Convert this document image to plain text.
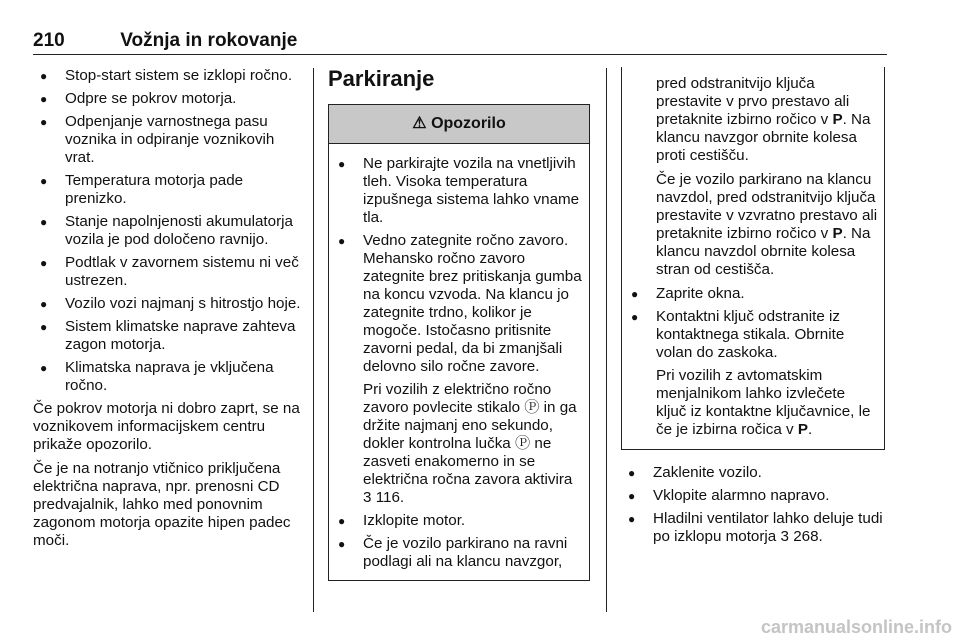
210	Vožnja in rokovanje
● Stop-start sistem se izklopi ročno.
● Odpre se pokrov motorja.
● Odpenjanje varnostnega pasu voznika in odpiranje voznikovih vrat.
● Temperatura motorja pade prenizko.
● Stanje napolnjenosti akumulatorja vozila je pod določeno ravnijo.
● Podtlak v zavornem sistemu ni več ustrezen.
● Vozilo vozi najmanj s hitrostjo hoje.
● Sistem klimatske naprave zahteva zagon motorja.
● Klimatska naprava je vključena ročno.

Če pokrov motorja ni dobro zaprt, se na voznikovem informacijskem centru prikaže opozorilo.

Če je na notranjo vtičnico priključena električna naprava, npr. prenosni CD predvajalnik, lahko med ponovnim zagonom motorja opazite hipen padec moči.

Parkiranje
⚠ Opozorilo
● Ne parkirajte vozila na vnetljivih tleh. Visoka temperatura izpušnega sistema lahko vname tla.
● Vedno zategnite ročno zavoro. Mehansko ročno zavoro zategnite brez pritiskanja gumba na koncu vzvoda. Na klancu jo zategnite trdno, kolikor je mogoče. Istočasno pritisnite zavorni pedal, da bi zmanjšali delovno silo ročne zavore.
Pri vozilih z električno ročno zavoro povlecite stikalo Ⓟ in ga držite najmanj eno sekundo, dokler kontrolna lučka Ⓟ ne zasveti enakomerno in se električna ročna zavora aktivira 3 116.
● Izklopite motor.
● Če je vozilo parkirano na ravni podlagi ali na klancu navzgor,

pred odstranitvijo ključa prestavite v prvo prestavo ali pretaknite izbirno ročico v P. Na klancu navzgor obrnite kolesa proti cestišču.

Če je vozilo parkirano na klancu navzdol, pred odstranitvijo ključa prestavite v vzvratno prestavo ali pretaknite izbirno ročico v P. Na klancu navzdol obrnite kolesa stran od cestišča.

● Zaprite okna.
● Kontaktni ključ odstranite iz kontaktnega stikala. Obrnite volan do zaskoka.
Pri vozilih z avtomatskim menjalnikom lahko izvlečete ključ iz kontaktne ključavnice, le če je izbirna ročica v P.
● Zaklenite vozilo.
● Vklopite alarmno napravo.
● Hladilni ventilator lahko deluje tudi po izklopu motorja 3 268.
carmanualsonline.info
